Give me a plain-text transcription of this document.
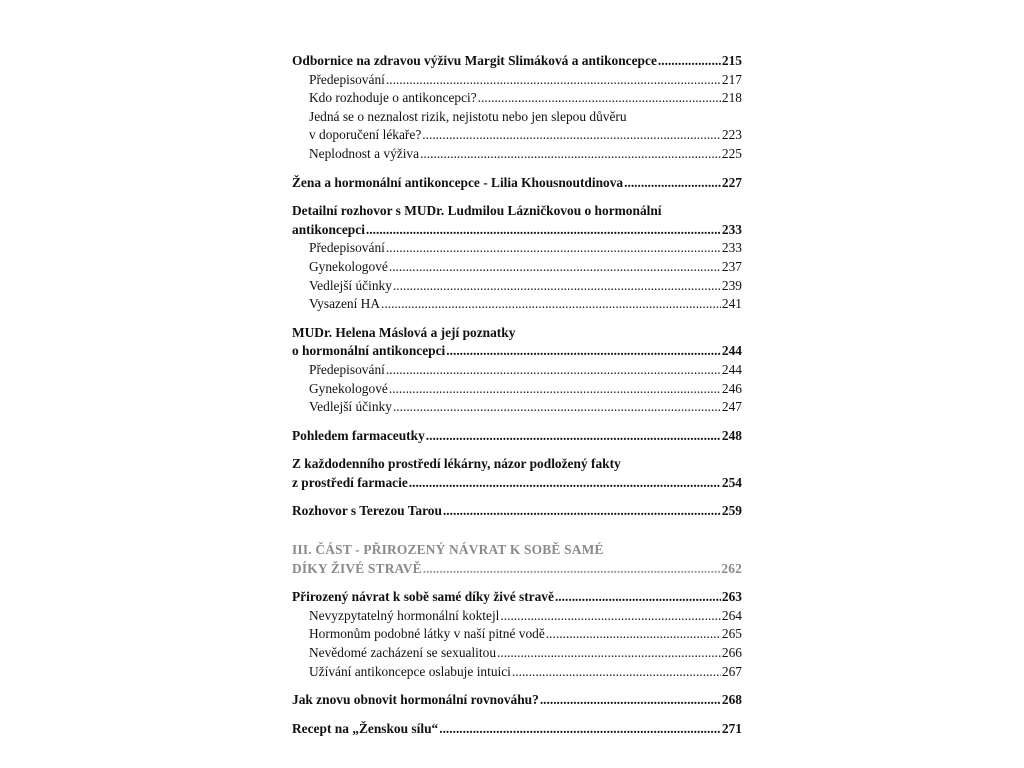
Odbornice na zdravou výživu Margit Slimáková a antikoncepce .....	215
Předepisování .....	217
Kdo rozhoduje o antikoncepci? .....	218
Jedná se o neznalost rizik, nejistotu nebo jen slepou důvěru
v doporučení lékaře? .....	223
Neplodnost a výživa .....	225
Žena a hormonální antikoncepce - Lilia Khousnoutdinova .....	227
Detailní rozhovor s MUDr. Ludmilou Lázničkovou o hormonální
antikoncepci .....	233
Předepisování .....	233
Gynekologové .....	237
Vedlejší účinky .....	239
Vysazení HA .....	241
MUDr. Helena Máslová a její poznatky
o hormonální antikoncepci .....	244
Předepisování .....	244
Gynekologové .....	246
Vedlejší účinky .....	247
Pohledem farmaceutky .....	248
Z každodenního prostředí lékárny, názor podložený fakty
z prostředí farmacie .....	254
Rozhovor s Terezou Tarou .....	259
III. ČÁST - PŘIROZENÝ NÁVRAT K SOBĚ SAMÉ
DÍKY ŽIVÉ STRAVĚ .....	262
Přirozený návrat k sobě samé díky živé stravě .....	263
Nevyzpytatelný hormonální koktejl .....	264
Hormonům podobné látky v naší pitné vodě .....	265
Nevědomé zacházení se sexualitou .....	266
Užívání antikoncepce oslabuje intuici .....	267
Jak znovu obnovit hormonální rovnováhu? .....	268
Recept na „Ženskou sílu“ .....	271
